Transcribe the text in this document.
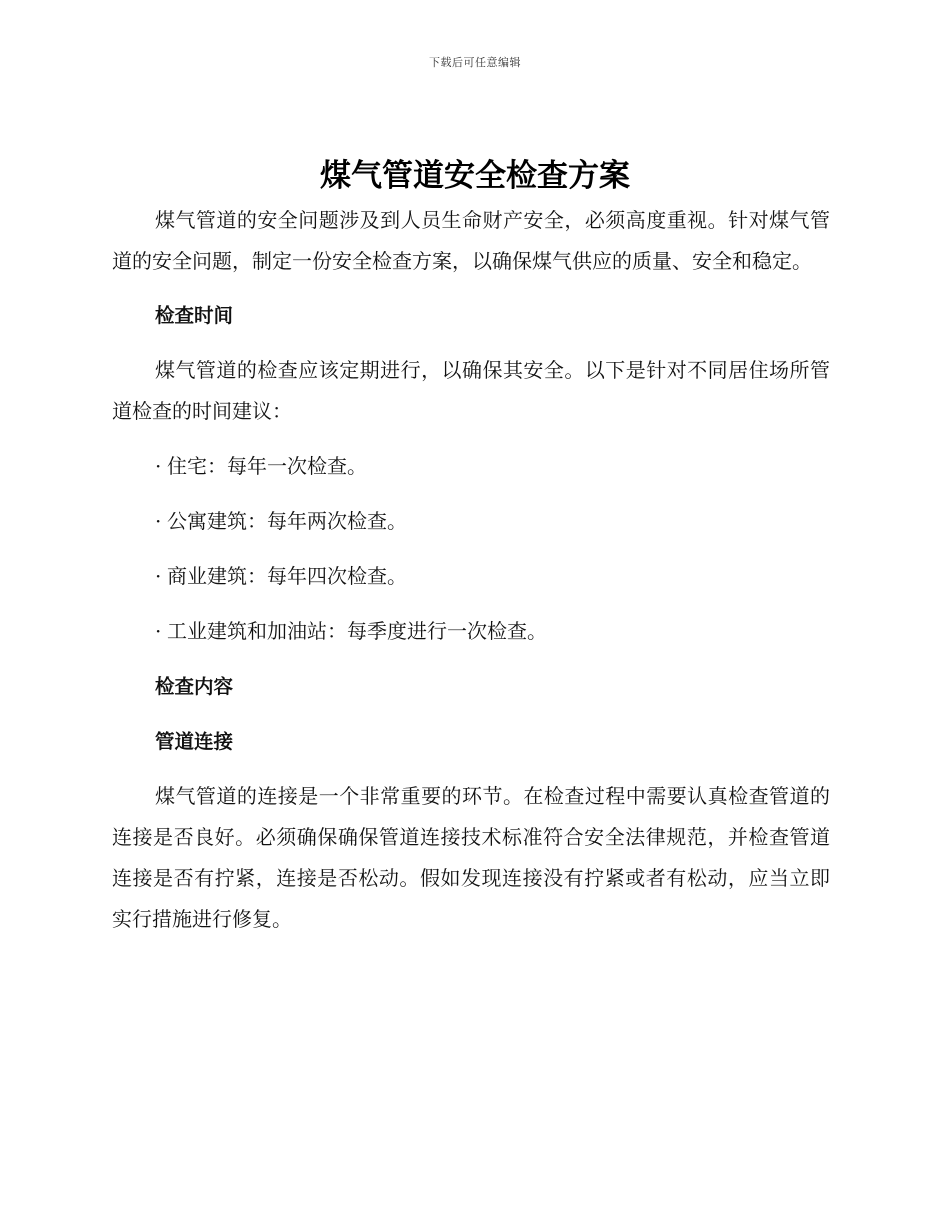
下载后可任意编辑
煤气管道安全检查方案

煤气管道的安全问题涉及到人员生命财产安全，必须高度重视。针对煤气管道的安全问题，制定一份安全检查方案，以确保煤气供应的质量、安全和稳定。

检查时间

煤气管道的检查应该定期进行，以确保其安全。以下是针对不同居住场所管道检查的时间建议：

· 住宅：每年一次检查。

· 公寓建筑：每年两次检查。

· 商业建筑：每年四次检查。

· 工业建筑和加油站：每季度进行一次检查。

检查内容
管道连接

煤气管道的连接是一个非常重要的环节。在检查过程中需要认真检查管道的连接是否良好。必须确保确保管道连接技术标准符合安全法律规范，并检查管道连接是否有拧紧，连接是否松动。假如发现连接没有拧紧或者有松动，应当立即实行措施进行修复。
